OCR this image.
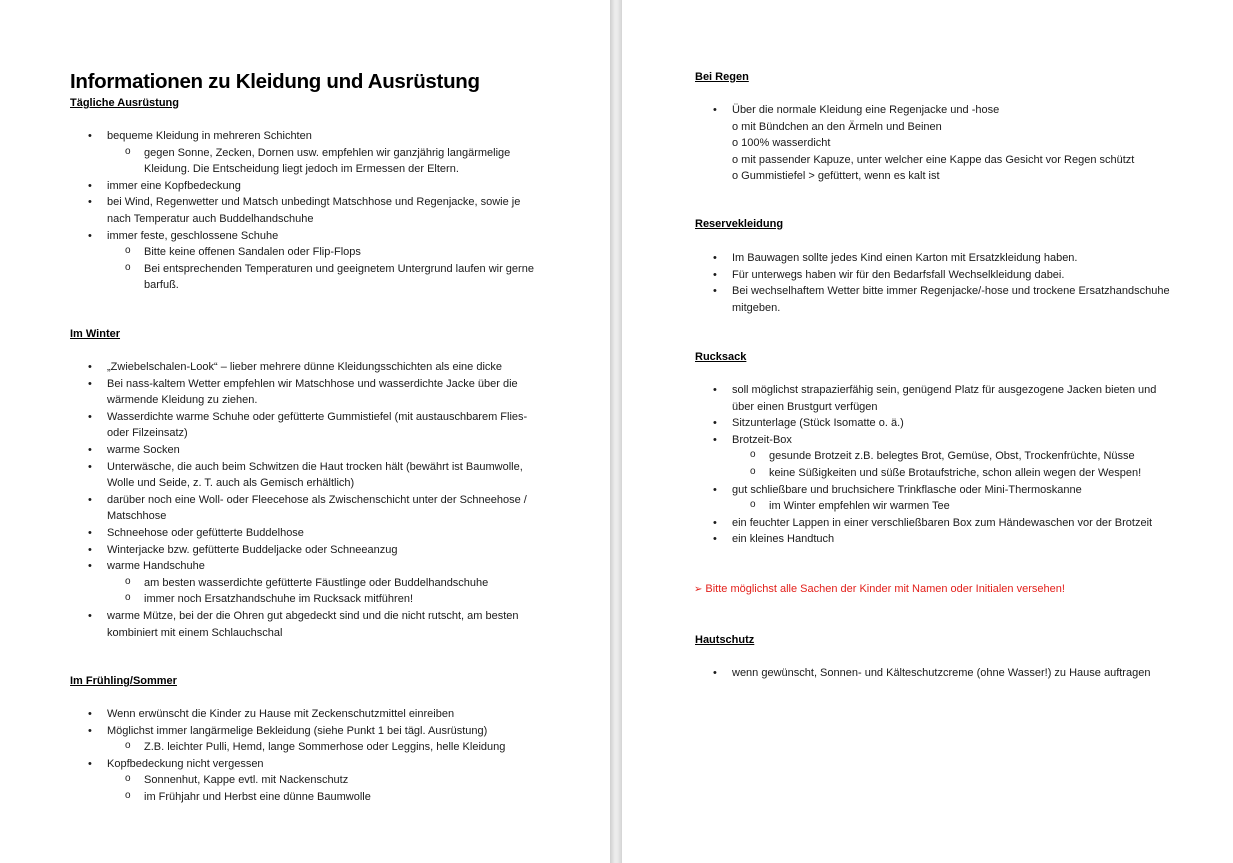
Informationen zu Kleidung und Ausrüstung
Tägliche Ausrüstung
• bequeme Kleidung in mehreren Schichten
o gegen Sonne, Zecken, Dornen usw. empfehlen wir ganzjährig langärmelige Kleidung. Die Entscheidung liegt jedoch im Ermessen der Eltern.
• immer eine Kopfbedeckung
• bei Wind, Regenwetter und Matsch unbedingt Matschhose und Regenjacke, sowie je nach Temperatur auch Buddelhandschuhe
• immer feste, geschlossene Schuhe
o Bitte keine offenen Sandalen oder Flip-Flops
o Bei entsprechenden Temperaturen und geeignetem Untergrund laufen wir gerne barfuß.
Im Winter
• „Zwiebelschalen-Look“ – lieber mehrere dünne Kleidungsschichten als eine dicke
• Bei nass-kaltem Wetter empfehlen wir Matschhose und wasserdichte Jacke über die wärmende Kleidung zu ziehen.
• Wasserdichte warme Schuhe oder gefütterte Gummistiefel (mit austauschbarem Flies- oder Filzeinsatz)
• warme Socken
• Unterwäsche, die auch beim Schwitzen die Haut trocken hält (bewährt ist Baumwolle, Wolle und Seide, z. T. auch als Gemisch erhältlich)
• darüber noch eine Woll- oder Fleecehose als Zwischenschicht unter der Schneehose / Matschhose
• Schneehose oder gefütterte Buddelhose
• Winterjacke bzw. gefütterte Buddeljacke oder Schneeanzug
• warme Handschuhe
o am besten wasserdichte gefütterte Fäustlinge oder Buddelhandschuhe
o immer noch Ersatzhandschuhe im Rucksack mitführen!
• warme Mütze, bei der die Ohren gut abgedeckt sind und die nicht rutscht, am besten kombiniert mit einem Schlauchschal
Im Frühling/Sommer
• Wenn erwünscht die Kinder zu Hause mit Zeckenschutzmittel einreiben
• Möglichst immer langärmelige Bekleidung (siehe Punkt 1 bei tägl. Ausrüstung)
o Z.B. leichter Pulli, Hemd, lange Sommerhose oder Leggins, helle Kleidung
• Kopfbedeckung nicht vergessen
o Sonnenhut, Kappe evtl. mit Nackenschutz
o im Frühjahr und Herbst eine dünne Baumwolle
Bei Regen
• Über die normale Kleidung eine Regenjacke und -hose
o mit Bündchen an den Ärmeln und Beinen
o 100% wasserdicht
o mit passender Kapuze, unter welcher eine Kappe das Gesicht vor Regen schützt
o Gummistiefel > gefüttert, wenn es kalt ist
Reservekleidung
• Im Bauwagen sollte jedes Kind einen Karton mit Ersatzkleidung haben.
• Für unterwegs haben wir für den Bedarfsfall Wechselkleidung dabei.
• Bei wechselhaftem Wetter bitte immer Regenjacke/-hose und trockene Ersatzhandschuhe mitgeben.
Rucksack
• soll möglichst strapazierfähig sein, genügend Platz für ausgezogene Jacken bieten und über einen Brustgurt verfügen
• Sitzunterlage (Stück Isomatte o. ä.)
• Brotzeit-Box
o gesunde Brotzeit z.B. belegtes Brot, Gemüse, Obst, Trockenfrüchte, Nüsse
o keine Süßigkeiten und süße Brotaufstriche, schon allein wegen der Wespen!
• gut schließbare und bruchsichere Trinkflasche oder Mini-Thermoskanne
o im Winter empfehlen wir warmen Tee
• ein feuchter Lappen in einer verschließbaren Box zum Händewaschen vor der Brotzeit
• ein kleines Handtuch
➢ Bitte möglichst alle Sachen der Kinder mit Namen oder Initialen versehen!
Hautschutz
• wenn gewünscht, Sonnen- und Kälteschutzcreme (ohne Wasser!) zu Hause auftragen
